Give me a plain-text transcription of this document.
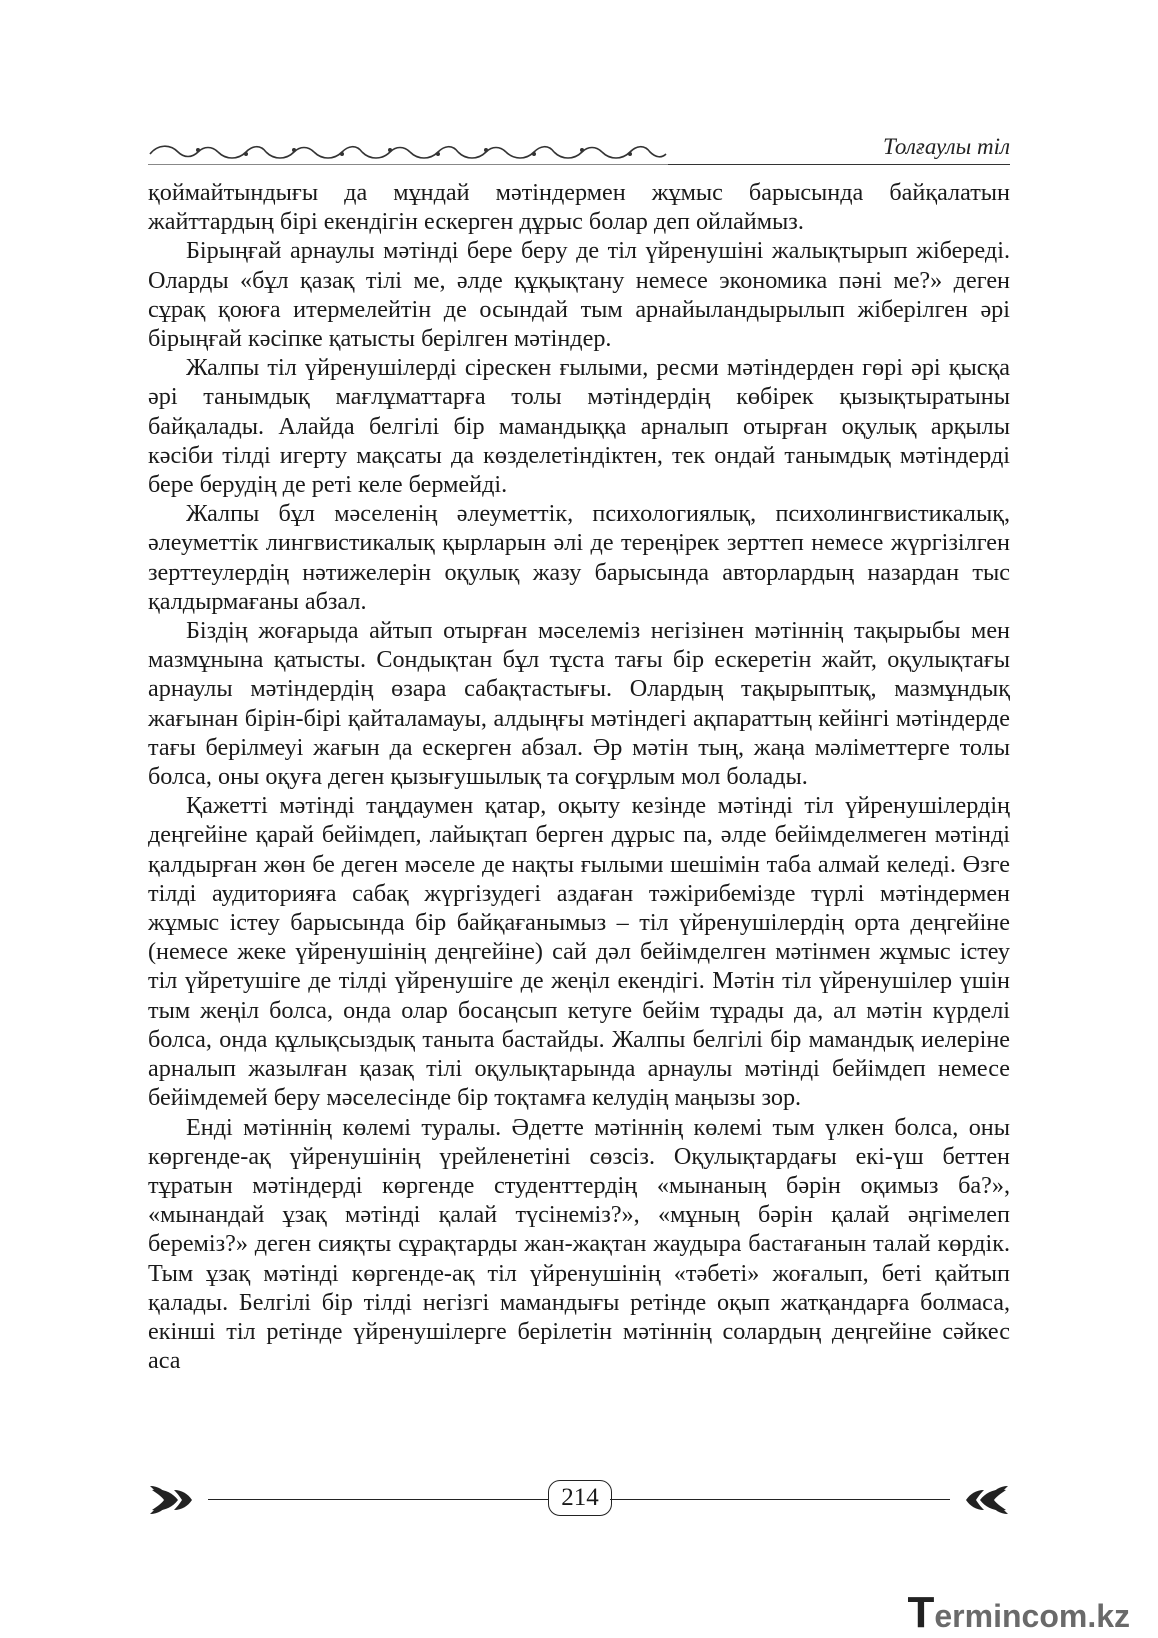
Толғаулы тіл

қоймайтындығы да мұндай мәтіндермен жұмыс барысында байқалатын жайттардың бірі екендігін ескерген дұрыс болар деп ойлаймыз.

Бірыңғай арнаулы мәтінді бере беру де тіл үйренушіні жалықтырып жібереді. Оларды «бұл қазақ тілі ме, әлде құқықтану немесе экономика пәні ме?» деген сұрақ қоюға итермелейтін де осындай тым арнайыландырылып жіберілген әрі бірыңғай кәсіпке қатысты берілген мәтіндер.

Жалпы тіл үйренушілерді сірескен ғылыми, ресми мәтіндерден гөрі әрі қысқа әрі танымдық мағлұматтарға толы мәтіндердің көбірек қызықтыратыны байқалады. Алайда белгілі бір мамандыққа арналып отырған оқулық арқылы кәсіби тілді игерту мақсаты да көзделетіндіктен, тек ондай танымдық мәтіндерді бере берудің де реті келе бермейді.

Жалпы бұл мәселенің әлеуметтік, психологиялық, психолингвистикалық, әлеуметтік лингвистикалық қырларын әлі де тереңірек зерттеп немесе жүргізілген зерттеулердің нәтижелерін оқулық жазу барысында авторлардың назардан тыс қалдырмағаны абзал.

Біздің жоғарыда айтып отырған мәселеміз негізінен мәтіннің тақырыбы мен мазмұнына қатысты. Сондықтан бұл тұста тағы бір ескеретін жайт, оқулықтағы арнаулы мәтіндердің өзара сабақтастығы. Олардың тақырыптық, мазмұндық жағынан бірін-бірі қайталамауы, алдыңғы мәтіндегі ақпараттың кейінгі мәтіндерде тағы берілмеуі жағын да ескерген абзал. Әр мәтін тың, жаңа мәліметтерге толы болса, оны оқуға деген қызығушылық та соғұрлым мол болады.

Қажетті мәтінді таңдаумен қатар, оқыту кезінде мәтінді тіл үйренушілердің деңгейіне қарай бейімдеп, лайықтап берген дұрыс па, әлде бейімделмеген мәтінді қалдырған жөн бе деген мәселе де нақты ғылыми шешімін таба алмай келеді. Өзге тілді аудиторияға сабақ жүргізудегі аздаған тәжірибемізде түрлі мәтіндермен жұмыс істеу барысында бір байқағанымыз – тіл үйренушілердің орта деңгейіне (немесе жеке үйренушінің деңгейіне) сай дәл бейімделген мәтінмен жұмыс істеу тіл үйретушіге де тілді үйренушіге де жеңіл екендігі. Мәтін тіл үйренушілер үшін тым жеңіл болса, онда олар босаңсып кетуге бейім тұрады да, ал мәтін күрделі болса, онда құлықсыздық танытa бастайды. Жалпы белгілі бір мамандық иелеріне арналып жазылған қазақ тілі оқулықтарында арнаулы мәтінді бейімдеп немесе бейімдемей беру мәселесінде бір тоқтамға келудің маңызы зор.

Енді мәтіннің көлемі туралы. Әдетте мәтіннің көлемі тым үлкен болса, оны көргенде-ақ үйренушінің үрейленетіні сөзсіз. Оқулықтардағы екі-үш беттен тұратын мәтіндерді көргенде студенттердің «мынаның бәрін оқимыз ба?», «мынандай ұзақ мәтінді қалай түсінеміз?», «мұның бәрін қалай әңгімелеп береміз?» деген сияқты сұрақтарды жан-жақтан жаудыра бастағанын талай көрдік. Тым ұзақ мәтінді көргенде-ақ тіл үйренушінің «тәбеті» жоғалып, беті қайтып қалады. Белгілі бір тілді негізгі мамандығы ретінде оқып жатқандарға болмаса, екінші тіл ретінде үйренушілерге берілетін мәтіннің солардың деңгейіне сәйкес аса

214
Termincom.kz
